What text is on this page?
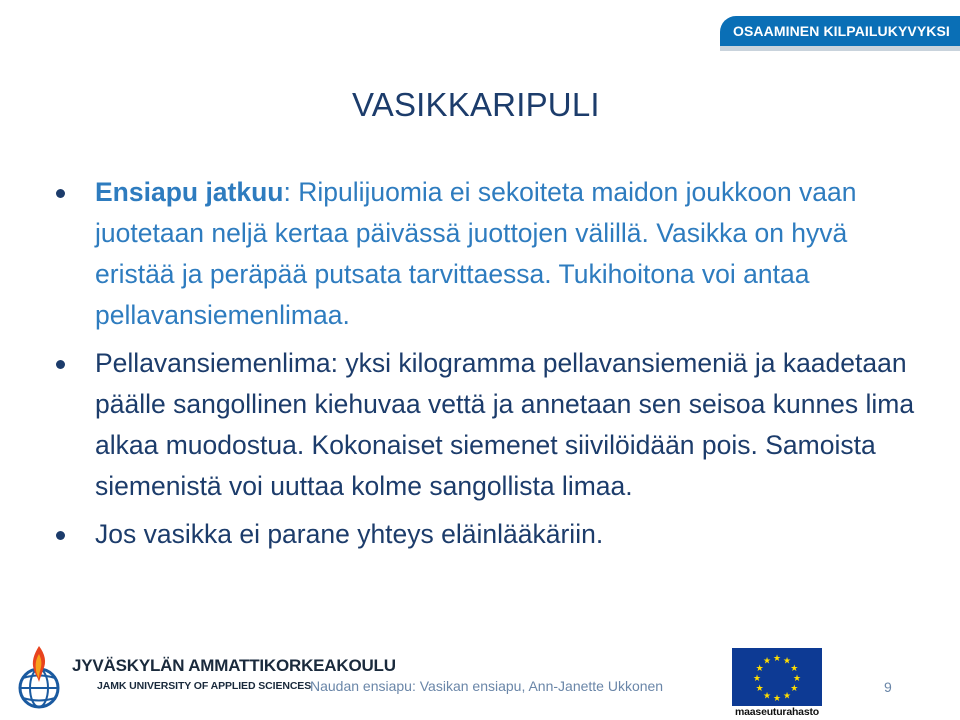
OSAAMINEN KILPAILUKYVYKSI
VASIKKARIPULI
Ensiapu jatkuu: Ripulijuomia ei sekoiteta maidon joukkoon vaan juotetaan neljä kertaa päivässä juottojen välillä. Vasikka on hyvä eristää ja peräpää putsata tarvittaessa. Tukihoitona voi antaa pellavansiemenlimaa.
Pellavansiemenlima: yksi kilogramma pellavansiemeniä ja kaadetaan päälle sangollinen kiehuvaa vettä ja annetaan sen seisoa kunnes lima alkaa muodostua. Kokonaiset siemenet siivilöidään pois. Samoista siemenistä voi uuttaa kolme sangollista limaa.
Jos vasikka ei parane yhteys eläinlääkäriin.
JYVÄSKYLÄN AMMATTIKORKEAKOULU
JAMK UNIVERSITY OF APPLIED SCIENCES
Naudan ensiapu: Vasikan ensiapu, Ann-Janette Ukkonen
★ ★
★
★
★
★
★
★
★
★
★
★
maaseuturahasto
9
